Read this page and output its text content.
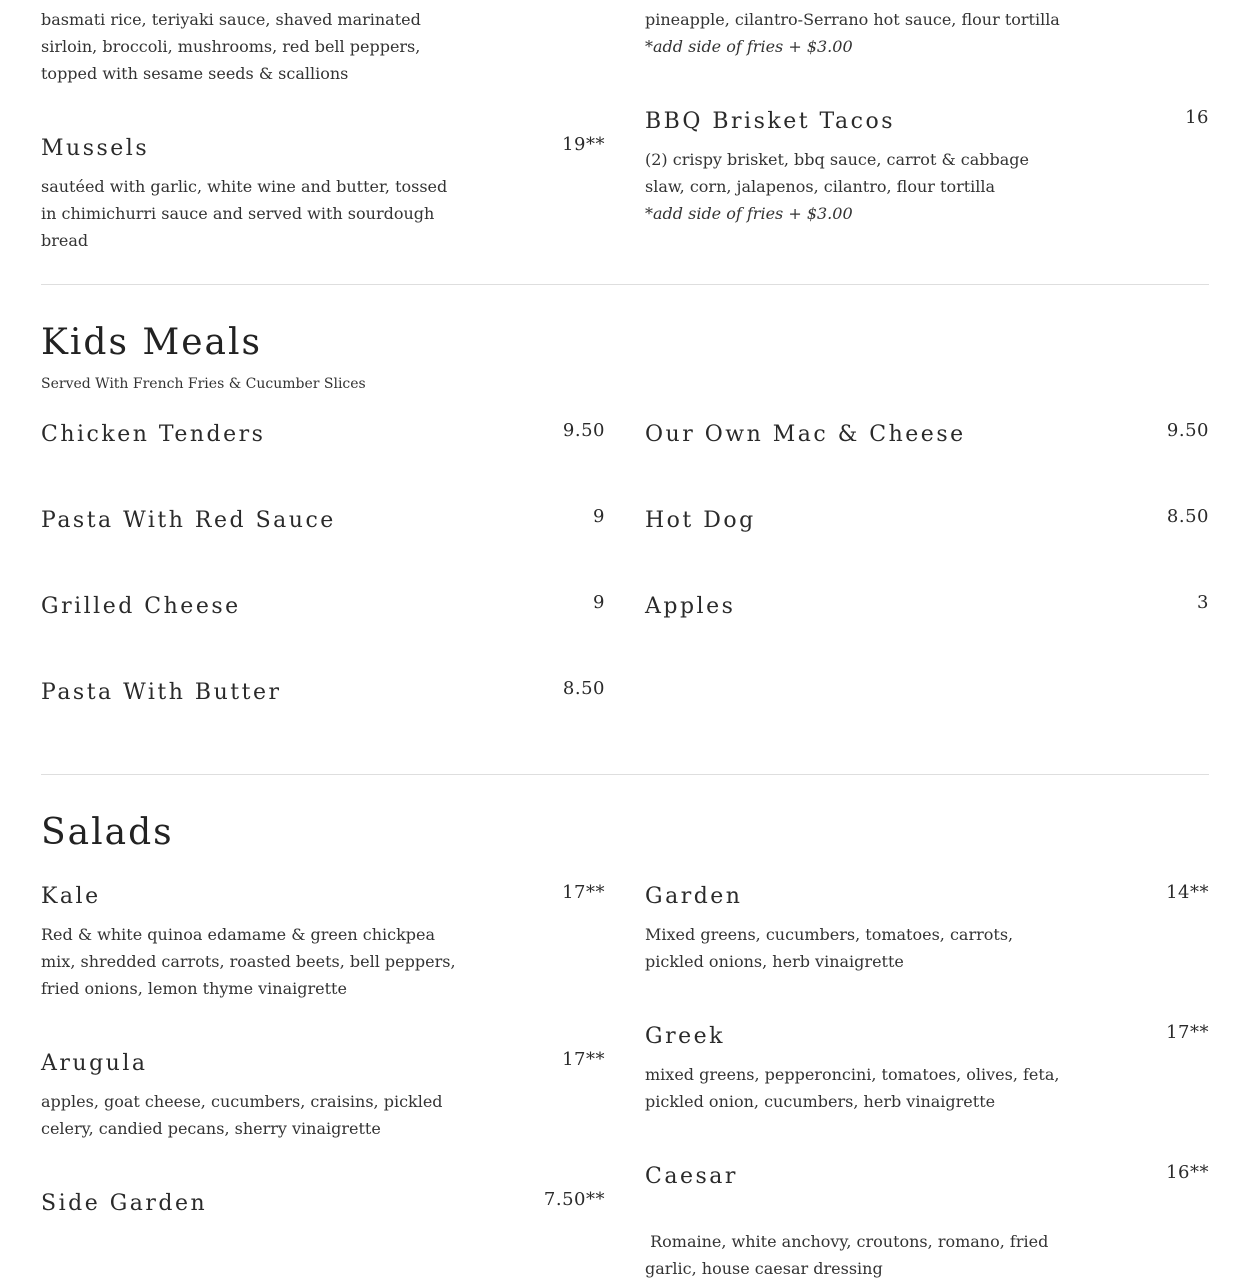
basmati rice, teriyaki sauce, shaved marinated sirloin, broccoli, mushrooms, red bell peppers, topped with sesame seeds & scallions
pineapple, cilantro-Serrano hot sauce, flour tortilla
*add side of fries + $3.00
Mussels	19**
sautéed with garlic, white wine and butter, tossed in chimichurri sauce and served with sourdough bread
BBQ Brisket Tacos	16
(2) crispy brisket, bbq sauce, carrot & cabbage slaw, corn, jalapenos, cilantro, flour tortilla
*add side of fries + $3.00
Kids Meals
Served With French Fries & Cucumber Slices
Chicken Tenders	9.50 Our Own Mac & Cheese	9.50
Pasta With Red Sauce	9 Hot Dog	8.50
Grilled Cheese	9 Apples	3
Pasta With Butter	8.50
Salads
Kale	17**
Red & white quinoa edamame & green chickpea mix, shredded carrots, roasted beets, bell peppers, fried onions, lemon thyme vinaigrette
Garden	14**
Mixed greens, cucumbers, tomatoes, carrots, pickled onions, herb vinaigrette
Arugula	17**
apples, goat cheese, cucumbers, craisins, pickled celery, candied pecans, sherry vinaigrette
Greek	17**
mixed greens, pepperoncini, tomatoes, olives, feta, pickled onion, cucumbers, herb vinaigrette
Side Garden	7.50**
Caesar	16**
Romaine, white anchovy, croutons, romano, fried garlic, house caesar dressing
